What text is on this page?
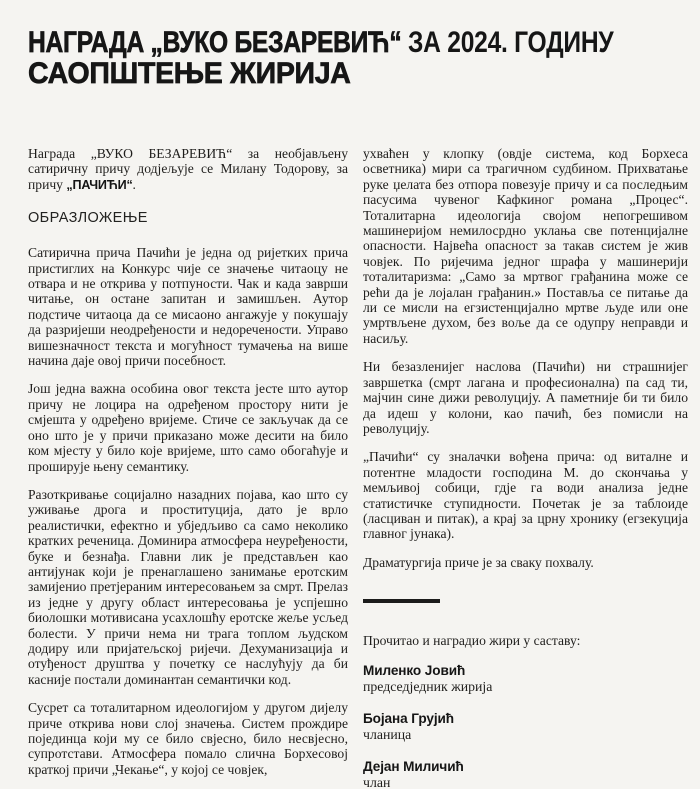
НАГРАДА „ВУКО БЕЗАРЕВИЋ“ ЗА 2024. ГОДИНУ
САОПШТЕЊЕ ЖИРИЈА

Награда „ВУКО БЕЗАРЕВИЋ“ за необјављену сатиричну причу додјељује се Милану Тодорову, за причу „ПАЧИЋИ“.

ОБРАЗЛОЖЕЊЕ

Сатирична прича Пачићи је једна од ријетких прича пристиглих на Конкурс чије се значење читаоцу не отвара и не открива у потпуности. Чак и када заврши читање, он остане запитан и замишљен. Аутор подстиче читаоца да се мисаоно ангажује у покушају да разријеши неодређености и недоречености. Управо вишезначност текста и могућност тумачења на више начина даје овој причи посебност.

Још једна важна особина овог текста јесте што аутор причу не лоцира на одређеном простору нити је смјешта у одређено вријеме. Стиче се закључак да се оно што је у причи приказано може десити на било ком мјесту у било које вријеме, што само обогаћује и проширује њену семантику.

Разоткривање социјално назадних појава, као што су уживање дрога и проституција, дато је врло реалистички, ефектно и убједљиво са само неколико кратких реченица. Доминира атмосфера неуређености, буке и безнађа. Главни лик је представљен као антијунак који је пренаглашено занимање еротским замијенио претјераним интересовањем за смрт. Прелаз из једне у другу област интересовања је успјешно биолошки мотивисана усахлошћу еротске жеље усљед болести. У причи нема ни трага топлом људском додиру или пријатељској ријечи. Дехуманизација и отуђеност друштва у почетку се наслућују да би касније постали доминантан семантички код.

Сусрет са тоталитарном идеологијом у другом дијелу приче открива нови слој значења. Систем прождире појединца који му се било свјесно, било несвјесно, супротстави. Атмосфера помало слична Борхесовој краткој причи „Чекање“, у којој се човјек,

ухваћен у клопку (овдје система, код Борхеса осветника) мири са трагичном судбином. Прихватање руке џелата без отпора повезује причу и са последњим пасусима чувеног Кафкиног романа „Процес“. Тоталитарна идеологија својом непогрешивом машинеријом немилосрдно уклања све потенцијалне опасности. Највећа опасност за такав систем је жив човјек. По ријечима једног шрафа у машинерији тоталитаризма: „Само за мртвог грађанина може се рећи да је лојалан грађанин.» Поставља се питање да ли се мисли на егзистенцијално мртве људе или оне умртвљене духом, без воље да се одупру неправди и насиљу.

Ни безазленијег наслова (Пачићи) ни страшнијег завршетка (смрт лагана и професионална) па сад ти, мајчин сине дижи револуцију. А паметније би ти било да идеш у колони, као пачић, без помисли на револуцију.

„Пачићи“ су зналачки вођена прича: од виталне и потентне младости господина М. до скончања у мемљивој собици, гдје га води анализа једне статистичке ступидности. Почетак је за таблоиде (ласциван и питак), а крај за црну хронику (егзекуција главног јунака).

Драматургија приче је за сваку похвалу.

Прочитао и наградио жири у саставу:

Миленко Јовић
председједник жирија
Бојана Грујић
чланица
Дејан Миличић
члан
